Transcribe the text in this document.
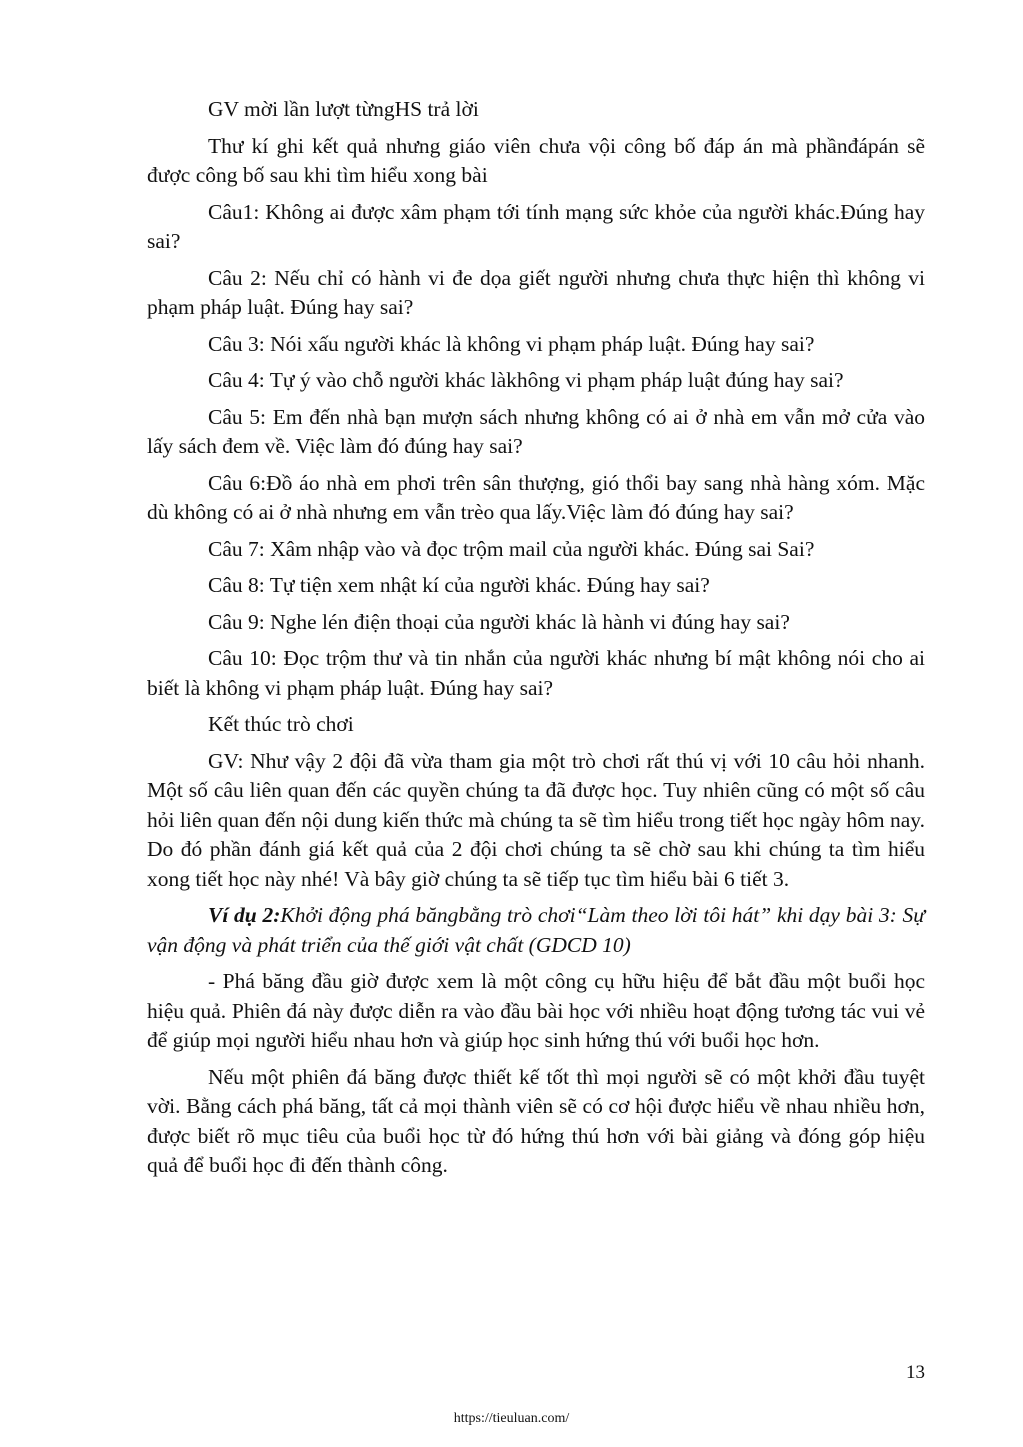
GV mời lần lượt từngHS trả lời

Thư kí ghi kết quả nhưng giáo viên chưa vội công bố đáp án mà phầnđápán sẽ được công bố sau khi tìm hiểu xong bài

Câu1: Không ai được xâm phạm tới tính mạng sức khỏe của người khác.Đúng hay sai?

Câu 2: Nếu chỉ có hành vi đe dọa giết người nhưng chưa thực hiện thì không vi phạm pháp luật. Đúng hay sai?

Câu 3: Nói xấu người khác là không vi phạm pháp luật. Đúng hay sai?

Câu 4: Tự ý vào chỗ người khác làkhông vi phạm pháp luật đúng hay sai?

Câu 5: Em đến nhà bạn mượn sách nhưng không có ai ở nhà em vẫn mở cửa vào lấy sách đem về. Việc làm đó đúng hay sai?

Câu 6:Đồ áo nhà em phơi trên sân thượng, gió thổi bay sang nhà hàng xóm. Mặc dù không có ai ở nhà nhưng em vẫn trèo qua lấy.Việc làm đó đúng hay sai?

Câu 7: Xâm nhập vào và đọc trộm mail của người khác. Đúng sai Sai?

Câu 8: Tự tiện xem nhật kí của người khác. Đúng hay sai?

Câu 9: Nghe lén điện thoại của người khác là hành vi đúng hay sai?

Câu 10: Đọc trộm thư và tin nhắn của người khác nhưng bí mật không nói cho ai biết là không vi phạm pháp luật. Đúng hay sai?

Kết thúc trò chơi

GV: Như vậy 2 đội đã vừa tham gia một trò chơi rất thú vị với 10 câu hỏi nhanh. Một số câu liên quan đến các quyền chúng ta đã được học. Tuy nhiên cũng có một số câu hỏi liên quan đến nội dung kiến thức mà chúng ta sẽ tìm hiểu trong tiết học ngày hôm nay. Do đó phần đánh giá kết quả của 2 đội chơi chúng ta sẽ chờ sau khi chúng ta tìm hiểu xong tiết học này nhé! Và bây giờ chúng ta sẽ tiếp tục tìm hiểu bài 6 tiết 3.

Ví dụ 2:Khởi động phá băngbằng trò chơi“Làm theo lời tôi hát” khi dạy bài 3: Sự vận động và phát triển của thế giới vật chất (GDCD 10)

- Phá băng đầu giờ được xem là một công cụ hữu hiệu để bắt đầu một buổi học hiệu quả. Phiên đá này được diễn ra vào đầu bài học với nhiều hoạt động tương tác vui vẻ để giúp mọi người hiểu nhau hơn và giúp học sinh hứng thú với buổi học hơn.

Nếu một phiên đá băng được thiết kế tốt thì mọi người sẽ có một khởi đầu tuyệt vời. Bằng cách phá băng, tất cả mọi thành viên sẽ có cơ hội được hiểu về nhau nhiều hơn, được biết rõ mục tiêu của buổi học từ đó hứng thú hơn với bài giảng và đóng góp hiệu quả để buổi học đi đến thành công.

13
https://tieuluan.com/
